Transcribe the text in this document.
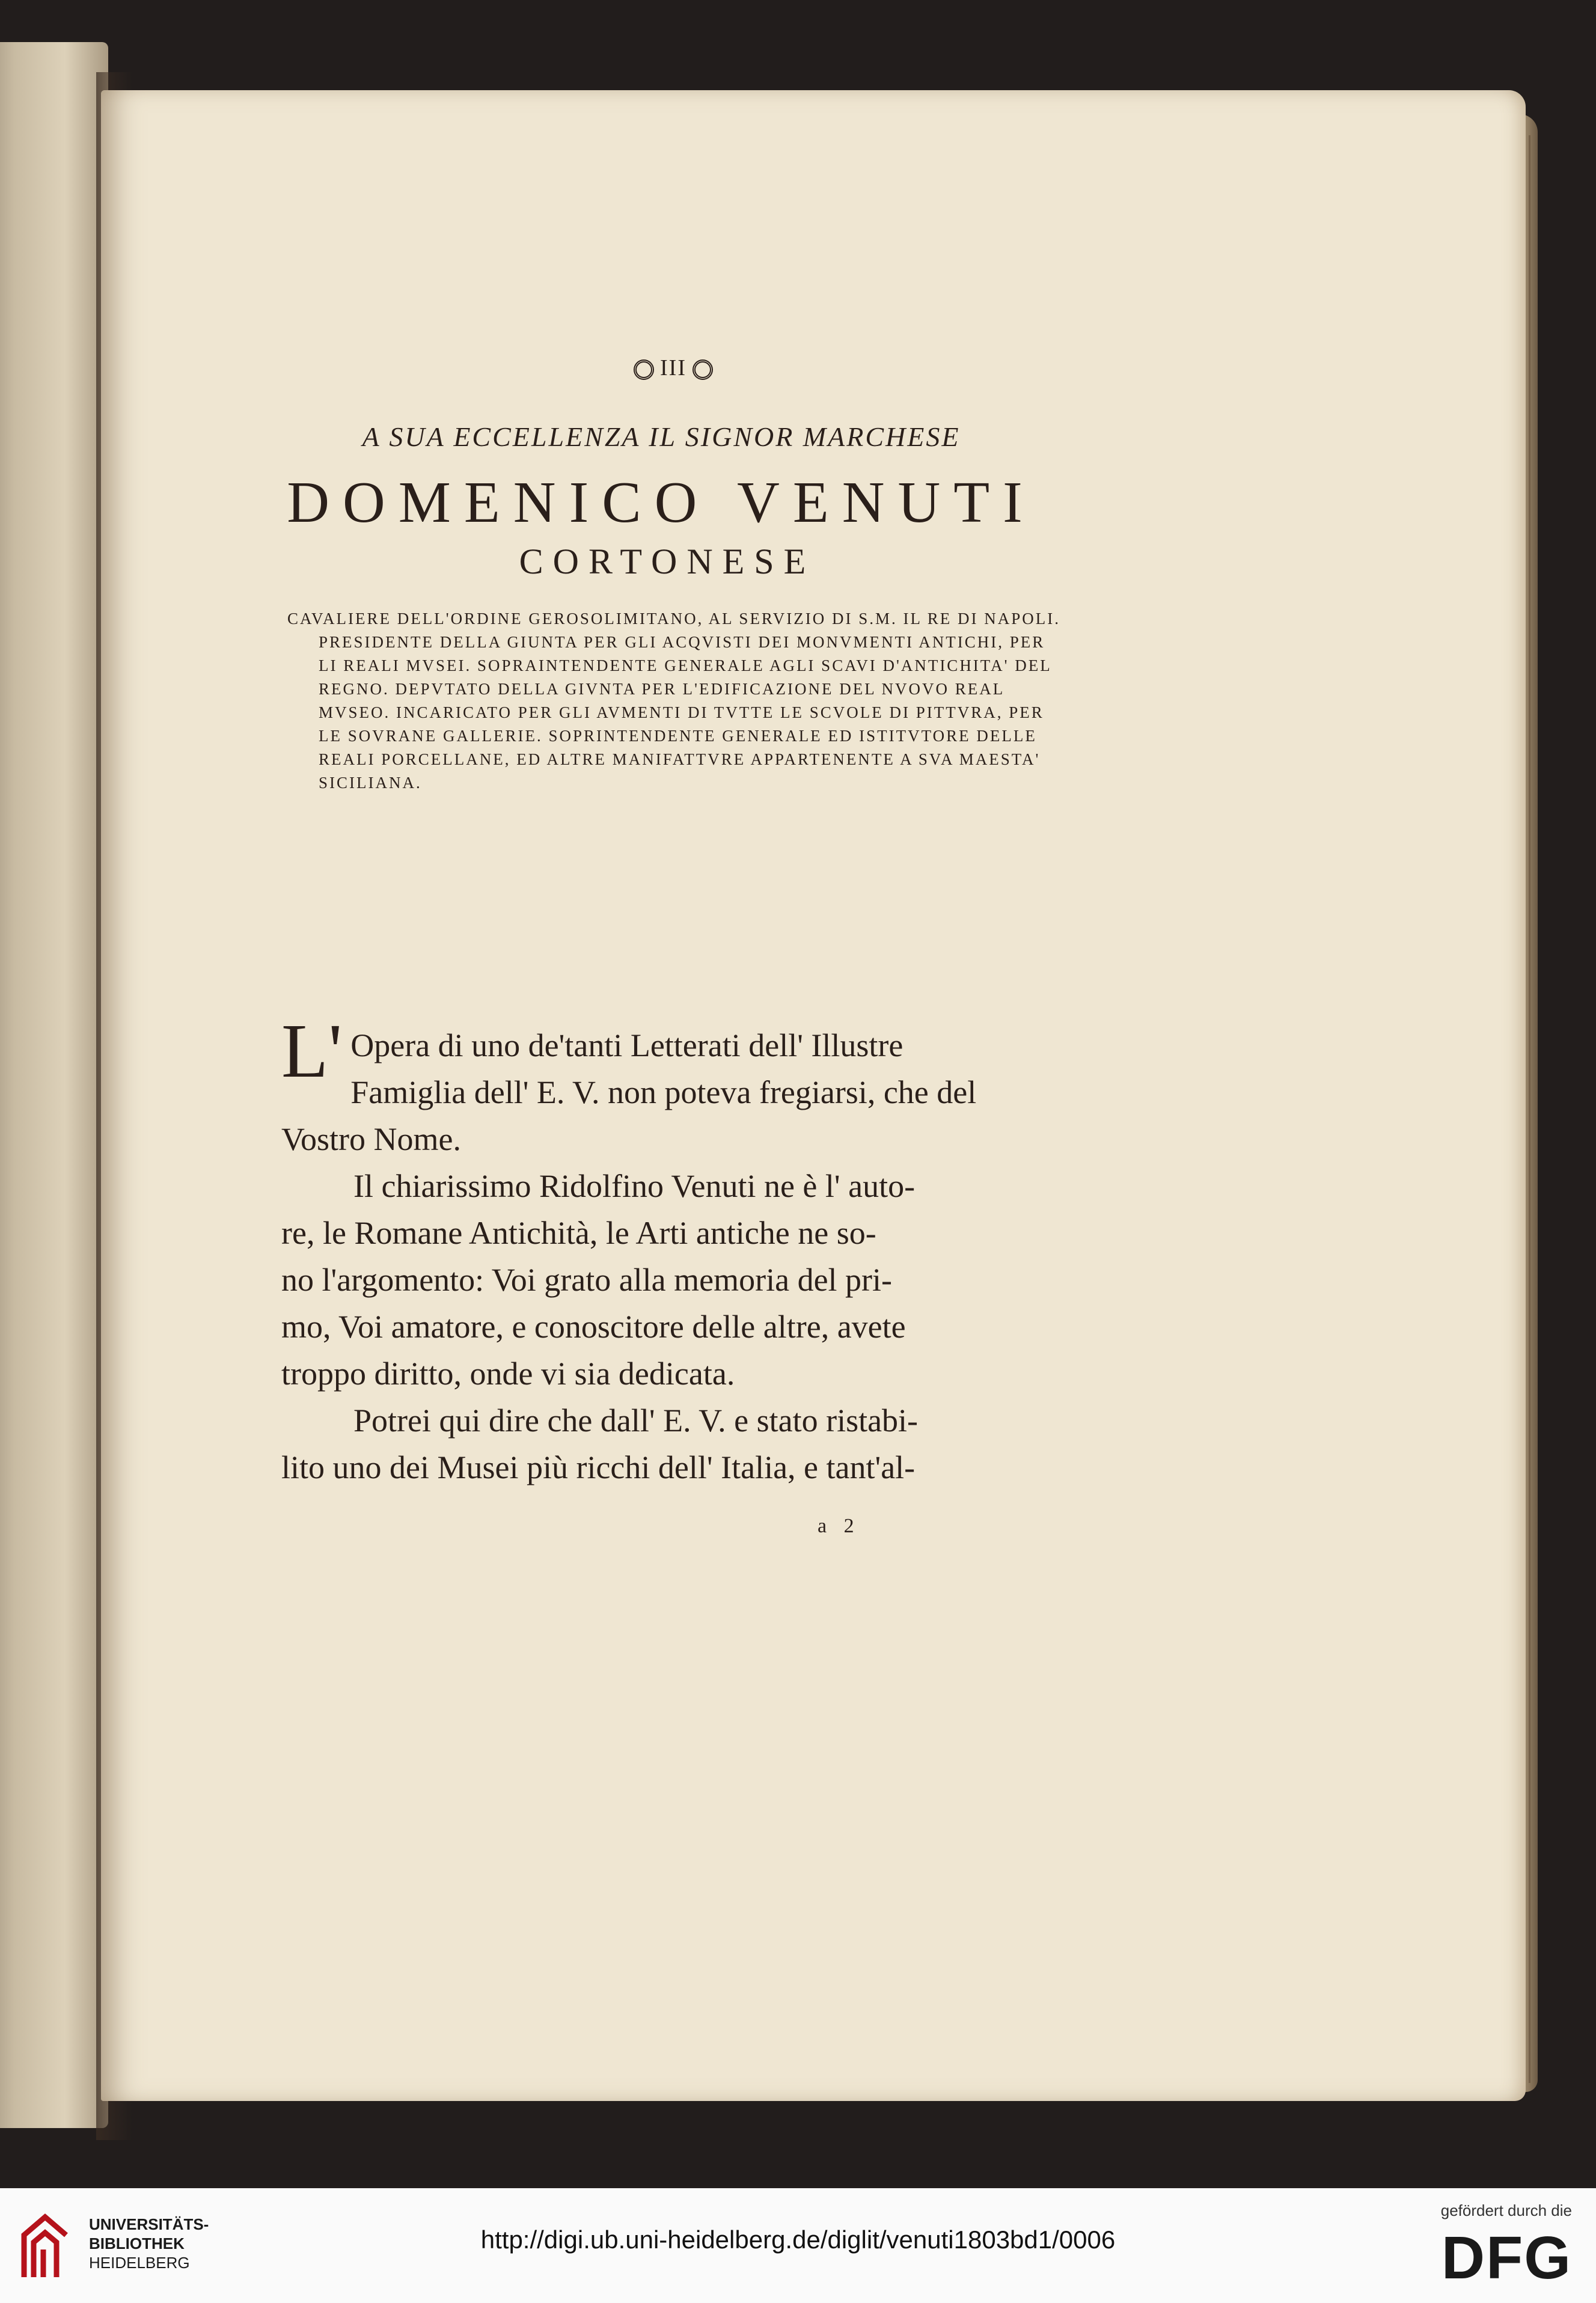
III
A SUA ECCELLENZA IL SIGNOR MARCHESE
DOMENICO VENUTI
CORTONESE
CAVALIERE DELL'ORDINE GEROSOLIMITANO, AL SERVIZIO DI S.M. IL RE DI NAPOLI.
PRESIDENTE DELLA GIUNTA PER GLI ACQVISTI DEI MONVMENTI ANTICHI, PER
LI REALI MVSEI. SOPRAINTENDENTE GENERALE AGLI SCAVI D'ANTICHITA' DEL
REGNO. DEPVTATO DELLA GIVNTA PER L'EDIFICAZIONE DEL NVOVO REAL
MVSEO. INCARICATO PER GLI AVMENTI DI TVTTE LE SCVOLE DI PITTVRA, PER
LE SOVRANE GALLERIE. SOPRINTENDENTE GENERALE ED ISTITVTORE DELLE
REALI PORCELLANE, ED ALTRE MANIFATTVRE APPARTENENTE A SVA MAESTA'
SICILIANA.
L' Opera di uno de'tanti Letterati dell' Illustre
Famiglia dell' E. V. non poteva fregiarsi, che del
Vostro Nome.
Il chiarissimo Ridolfino Venuti ne è l' auto-
re, le Romane Antichità, le Arti antiche ne so-
no l'argomento: Voi grato alla memoria del pri-
mo, Voi amatore, e conoscitore delle altre, avete
troppo diritto, onde vi sia dedicata.
Potrei qui dire che dall' E. V. e stato ristabi-
lito uno dei Musei più ricchi dell' Italia, e tant'al-
a 2
UNIVERSITÄTS-
BIBLIOTHEK
HEIDELBERG
http://digi.ub.uni-heidelberg.de/diglit/venuti1803bd1/0006
gefördert durch die
DFG
